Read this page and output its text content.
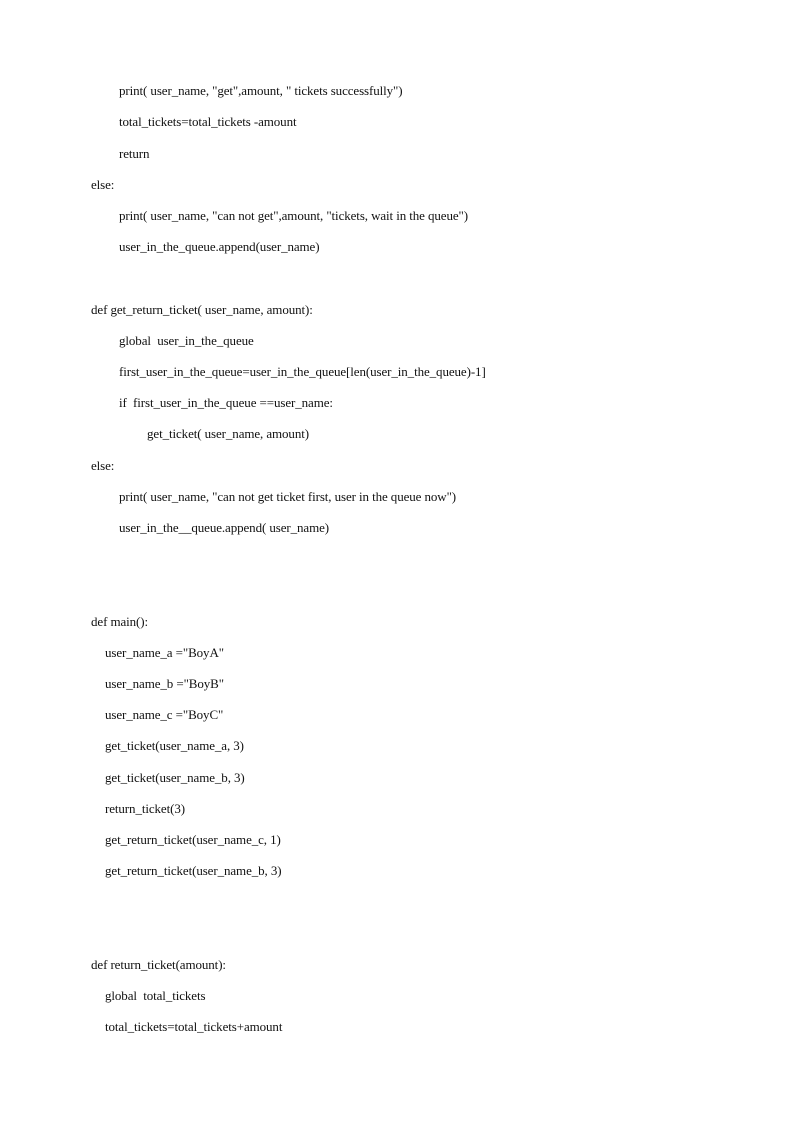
print( user_name, "get",amount, " tickets successfully")
total_tickets=total_tickets -amount
return
else:
print( user_name, "can not get",amount, "tickets, wait in the queue")
user_in_the_queue.append(user_name)
def get_return_ticket( user_name, amount):
global  user_in_the_queue
first_user_in_the_queue=user_in_the_queue[len(user_in_the_queue)-1]
if  first_user_in_the_queue ==user_name:
get_ticket( user_name, amount)
else:
print( user_name, "can not get ticket first, user in the queue now")
user_in_the__queue.append( user_name)
def main():
user_name_a ="BoyA"
user_name_b ="BoyB"
user_name_c ="BoyC"
get_ticket(user_name_a, 3)
get_ticket(user_name_b, 3)
return_ticket(3)
get_return_ticket(user_name_c, 1)
get_return_ticket(user_name_b, 3)
def return_ticket(amount):
global  total_tickets
total_tickets=total_tickets+amount
